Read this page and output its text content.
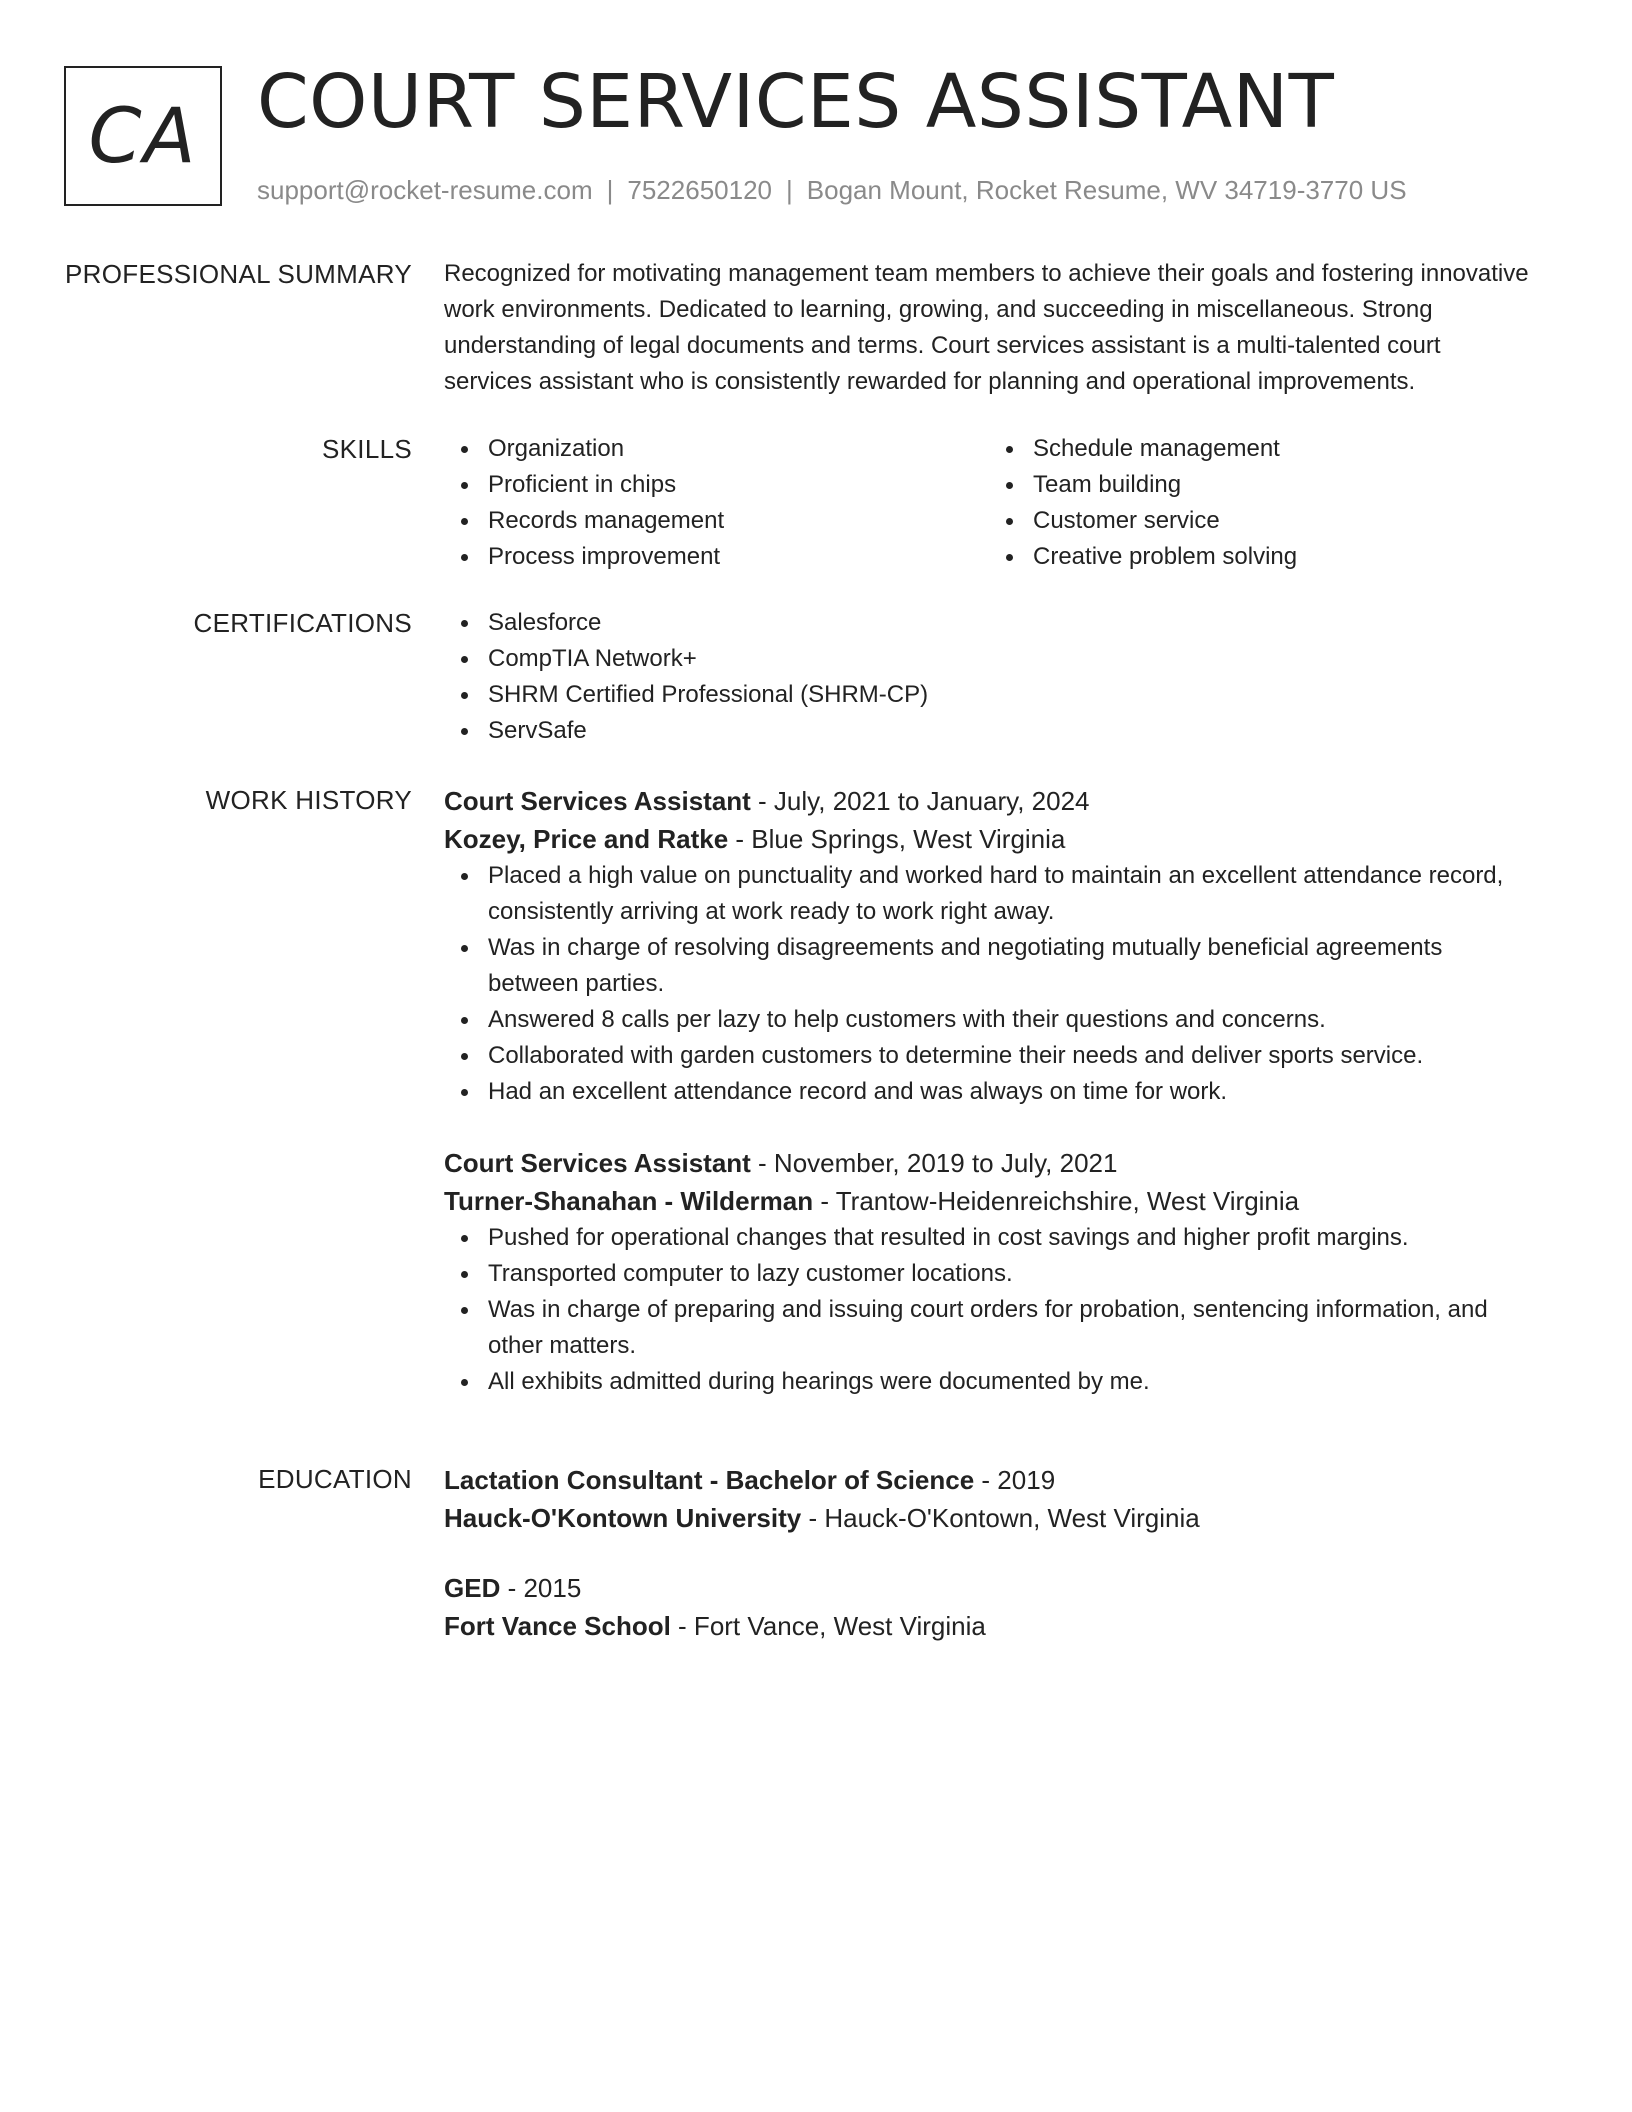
CA COURT SERVICES ASSISTANT
support@rocket-resume.com | 7522650120 | Bogan Mount, Rocket Resume, WV 34719-3770 US
PROFESSIONAL SUMMARY Recognized for motivating management team members to achieve their goals and fostering innovative work environments. Dedicated to learning, growing, and succeeding in miscellaneous. Strong understanding of legal documents and terms. Court services assistant is a multi-talented court services assistant who is consistently rewarded for planning and operational improvements.

SKILLS	Organization
Proficient in chips
Records management
Process improvement
Schedule management
Team building
Customer service
Creative problem solving
CERTIFICATIONS	Salesforce
CompTIA Network+
SHRM Certified Professional (SHRM-CP)
ServSafe
WORK HISTORY Court Services Assistant - July, 2021 to January, 2024
Kozey, Price and Ratke - Blue Springs, West Virginia
Placed a high value on punctuality and worked hard to maintain an excellent attendance record, consistently arriving at work ready to work right away.
Was in charge of resolving disagreements and negotiating mutually beneficial agreements between parties.
Answered 8 calls per lazy to help customers with their questions and concerns.
Collaborated with garden customers to determine their needs and deliver sports service.
Had an excellent attendance record and was always on time for work.
Court Services Assistant - November, 2019 to July, 2021
Turner-Shanahan - Wilderman - Trantow-Heidenreichshire, West Virginia
Pushed for operational changes that resulted in cost savings and higher profit margins.
Transported computer to lazy customer locations.
Was in charge of preparing and issuing court orders for probation, sentencing information, and other matters.
All exhibits admitted during hearings were documented by me.
EDUCATION Lactation Consultant - Bachelor of Science - 2019
Hauck-O'Kontown University - Hauck-O'Kontown, West Virginia
GED - 2015
Fort Vance School - Fort Vance, West Virginia
